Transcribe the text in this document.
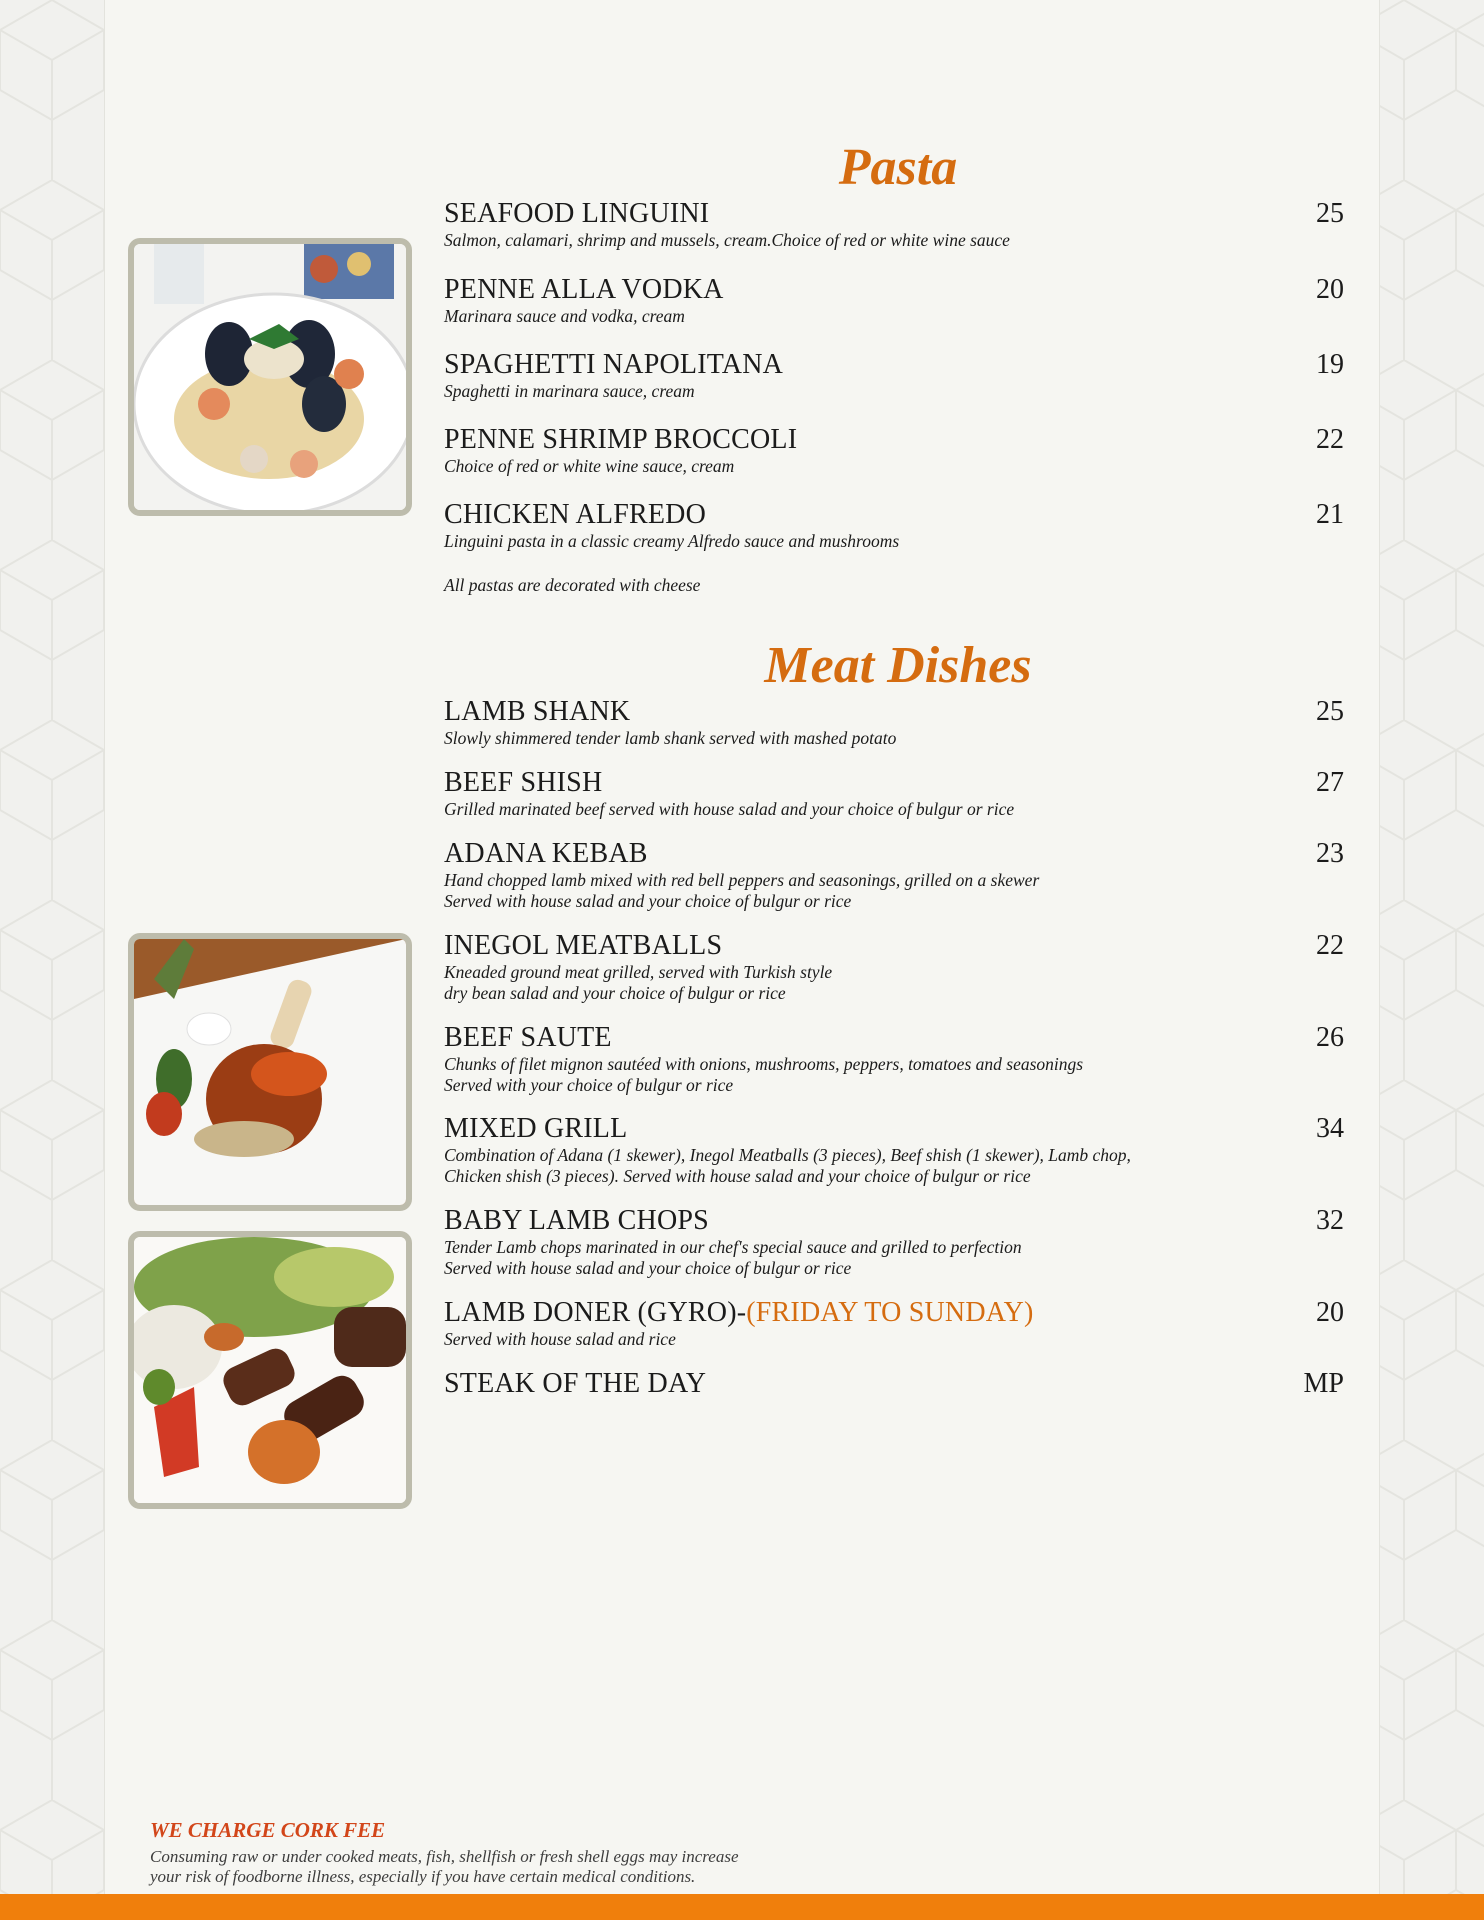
Pasta
SEAFOOD LINGUINI
Salmon, calamari, shrimp and mussels, cream.Choice of red or white wine sauce
25
PENNE ALLA VODKA
Marinara sauce and vodka, cream
20
SPAGHETTI NAPOLITANA
Spaghetti in marinara sauce, cream
19
PENNE SHRIMP BROCCOLI
Choice of red or white wine sauce, cream
22
CHICKEN ALFREDO
Linguini pasta in a classic creamy Alfredo sauce and mushrooms
21
All pastas are decorated with cheese
Meat Dishes
LAMB SHANK
Slowly shimmered tender lamb shank served with mashed potato
25
BEEF SHISH
Grilled marinated beef served with house salad and your choice of bulgur or rice
27
ADANA KEBAB
Hand chopped lamb mixed with red bell peppers and seasonings, grilled on a skewer
Served with house salad and your choice of bulgur or rice
23
INEGOL MEATBALLS
Kneaded ground meat grilled, served with Turkish style
dry bean salad and your choice of bulgur or rice
22
BEEF SAUTE
Chunks of filet mignon sautéed with onions, mushrooms, peppers, tomatoes and seasonings
Served with your choice of bulgur or rice
26
MIXED GRILL
Combination of Adana (1 skewer), Inegol Meatballs (3 pieces), Beef shish (1 skewer), Lamb chop,
Chicken shish (3 pieces). Served with house salad and your choice of bulgur or rice
34
BABY LAMB CHOPS
Tender Lamb chops marinated in our chef's special sauce and grilled to perfection
Served with house salad and your choice of bulgur or rice
32
LAMB DONER (GYRO)-(FRIDAY TO SUNDAY)
Served with house salad and rice
20
STEAK OF THE DAY	MP
WE CHARGE CORK FEE
Consuming raw or under cooked meats, fish, shellfish or fresh shell eggs may increase
your risk of foodborne illness, especially if you have certain medical conditions.
